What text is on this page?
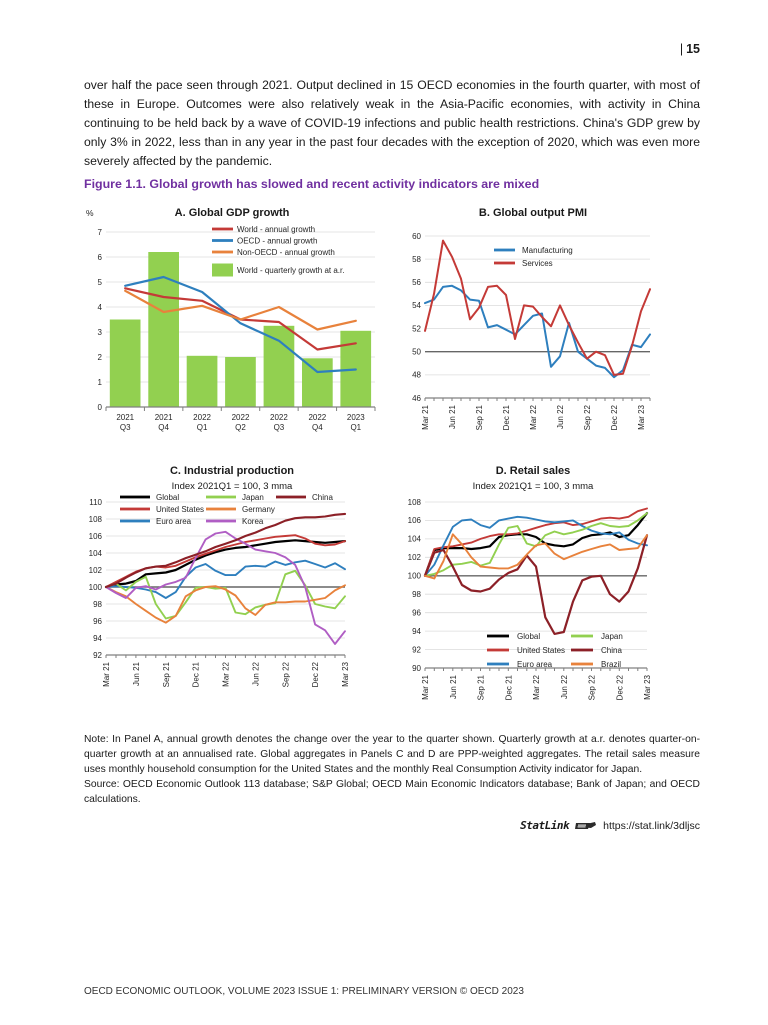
| 15

over half the pace seen through 2021. Output declined in 15 OECD economies in the fourth quarter, with most of these in Europe. Outcomes were also relatively weak in the Asia-Pacific economies, with activity in China continuing to be held back by a wave of COVID-19 infections and public health restrictions. China's GDP grew by only 3% in 2022, less than in any year in the past four decades with the exception of 2020, which was even more severely affected by the pandemic.

Figure 1.1. Global growth has slowed and recent activity indicators are mixed
A. Global GDP growth
%
0
1
2
3
4
5
6
7
2021
Q3
2021
Q4
2022
Q1
2022
Q2
2022
Q3
2022
Q4
2023
Q1
World - annual growth
OECD - annual growth
Non-OECD - annual growth
World - quarterly growth at a.r.
B. Global output PMI
46
48
50
52
54
56
58
60
Mar 21 Jun 21 Sep 21 Dec 21 Mar 22 Jun 22 Sep 22 Dec 22 Mar 23
Manufacturing
Services
C. Industrial production
Index 2021Q1 = 100, 3 mma
92
94
96
98
100
102
104
106
108
110
Mar 21	Jun 21	Sep 21	Dec 21	Mar 22	Jun 22	Sep 22	Dec 22	Mar 23
Global
United States
Euro area
Japan
Germany
Korea
China
D. Retail sales
Index 2021Q1 = 100, 3 mma
90
92
94
96
98
100
102
104
106
108
Mar 21 Jun 21 Sep 21 Dec 21 Mar 22 Jun 22 Sep 22 Dec 22 Mar 23
Global
United States
Euro area
Japan
China
Brazil
Note: In Panel A, annual growth denotes the change over the year to the quarter shown. Quarterly growth at a.r. denotes quarter-on-quarter growth at an annualised rate. Global aggregates in Panels C and D are PPP-weighted aggregates. The retail sales measure uses monthly household consumption for the United States and the monthly Real Consumption Activity indicator for Japan.
Source: OECD Economic Outlook 113 database; S&P Global; OECD Main Economic Indicators database; Bank of Japan; and OECD calculations.
StatLink	https://stat.link/3dljsc
OECD ECONOMIC OUTLOOK, VOLUME 2023 ISSUE 1: PRELIMINARY VERSION © OECD 2023
